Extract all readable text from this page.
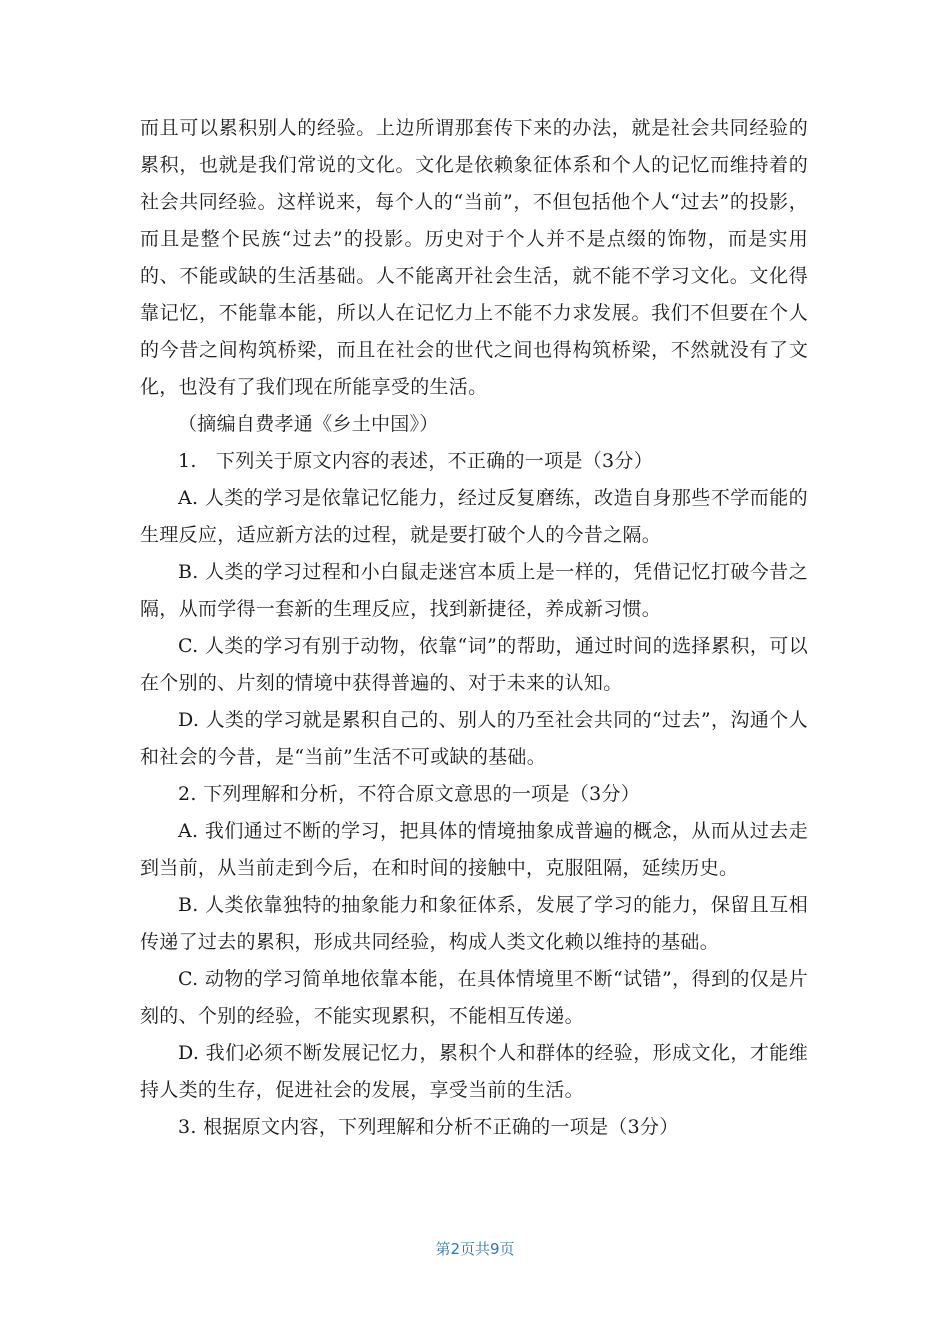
而且可以累积别人的经验。上边所谓那套传下来的办法，就是社会共同经验的累积，也就是我们常说的文化。文化是依赖象征体系和个人的记忆而维持着的社会共同经验。这样说来，每个人的“当前”，不但包括他个人“过去”的投影，而且是整个民族“过去”的投影。历史对于个人并不是点缀的饰物，而是实用的、不能或缺的生活基础。人不能离开社会生活，就不能不学习文化。文化得靠记忆，不能靠本能，所以人在记忆力上不能不力求发展。我们不但要在个人的今昔之间构筑桥梁，而且在社会的世代之间也得构筑桥梁，不然就没有了文化，也没有了我们现在所能享受的生活。

（摘编自费孝通《乡土中国》）

1.　下列关于原文内容的表述，不正确的一项是（3分）

A. 人类的学习是依靠记忆能力，经过反复磨练，改造自身那些不学而能的生理反应，适应新方法的过程，就是要打破个人的今昔之隔。

B. 人类的学习过程和小白鼠走迷宫本质上是一样的，凭借记忆打破今昔之隔，从而学得一套新的生理反应，找到新捷径，养成新习惯。

C. 人类的学习有别于动物，依靠“词”的帮助，通过时间的选择累积，可以在个别的、片刻的情境中获得普遍的、对于未来的认知。

D. 人类的学习就是累积自己的、别人的乃至社会共同的“过去”，沟通个人和社会的今昔，是“当前”生活不可或缺的基础。

2. 下列理解和分析，不符合原文意思的一项是（3分）

A. 我们通过不断的学习，把具体的情境抽象成普遍的概念，从而从过去走到当前，从当前走到今后，在和时间的接触中，克服阻隔，延续历史。

B. 人类依靠独特的抽象能力和象征体系，发展了学习的能力，保留且互相传递了过去的累积，形成共同经验，构成人类文化赖以维持的基础。

C. 动物的学习简单地依靠本能，在具体情境里不断“试错”，得到的仅是片刻的、个别的经验，不能实现累积，不能相互传递。

D. 我们必须不断发展记忆力，累积个人和群体的经验，形成文化，才能维持人类的生存，促进社会的发展，享受当前的生活。

3. 根据原文内容，下列理解和分析不正确的一项是（3分）

第2页共9页
